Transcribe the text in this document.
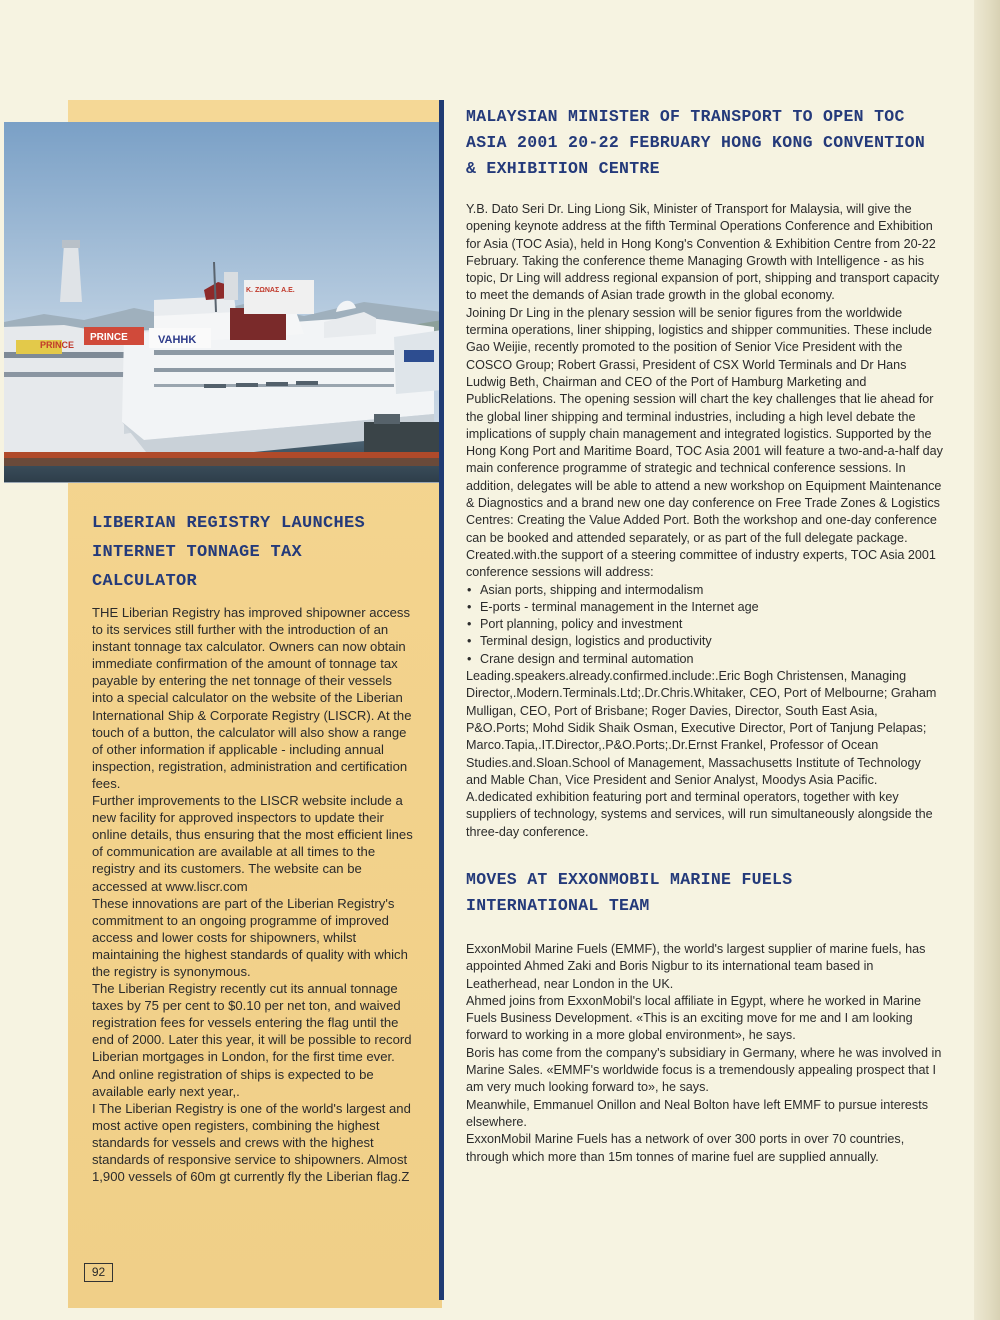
PRINCE
PRINCE	VAHHK
K. ZΩNAΣ A.E.
LIBERIAN REGISTRY LAUNCHES INTERNET TONNAGE TAX CALCULATOR

THE Liberian Registry has improved shipowner access to its services still further with the introduction of an instant tonnage tax calculator. Owners can now obtain immediate confirmation of the amount of tonnage tax payable by entering the net tonnage of their vessels into a special calculator on the website of the Liberian International Ship & Corporate Registry (LISCR). At the touch of a button, the calculator will also show a range of other information if applicable - including annual inspection, registration, administration and certification fees.

Further improvements to the LISCR website include a new facility for approved inspectors to update their online details, thus ensuring that the most efficient lines of communication are available at all times to the registry and its customers. The website can be accessed at www.liscr.com

These innovations are part of the Liberian Registry's commitment to an ongoing programme of improved access and lower costs for shipowners, whilst maintaining the highest standards of quality with which the registry is synonymous.

The Liberian Registry recently cut its annual tonnage taxes by 75 per cent to $0.10 per net ton, and waived registration fees for vessels entering the flag until the end of 2000. Later this year, it will be possible to record Liberian mortgages in London, for the first time ever. And online registration of ships is expected to be available early next year,.

I The Liberian Registry is one of the world's largest and most active open registers, combining the highest standards for vessels and crews with the highest standards of responsive service to shipowners. Almost 1,900 vessels of 60m gt currently fly the Liberian flag.Z

MALAYSIAN MINISTER OF TRANSPORT TO OPEN TOC ASIA 2001 20-22 FEBRUARY HONG KONG CONVENTION & EXHIBITION CENTRE

Y.B. Dato Seri Dr. Ling Liong Sik, Minister of Transport for Malaysia, will give the opening keynote address at the fifth Terminal Operations Conference and Exhibition for Asia (TOC Asia), held in Hong Kong's Convention & Exhibition Centre from 20-22 February. Taking the conference theme Managing Growth with Intelligence - as his topic, Dr Ling will address regional expansion of port, shipping and transport capacity to meet the demands of Asian trade growth in the global economy.

Joining Dr Ling in the plenary session will be senior figures from the worldwide termina operations, liner shipping, logistics and shipper communities. These include Gao Weijie, recently promoted to the position of Senior Vice President with the COSCO Group; Robert Grassi, President of CSX World Terminals and Dr Hans Ludwig Beth, Chairman and CEO of the Port of Hamburg Marketing and PublicRelations. The opening session will chart the key challenges that lie ahead for the global liner shipping and terminal industries, including a high level debate the implications of supply chain management and integrated logistics. Supported by the Hong Kong Port and Maritime Board, TOC Asia 2001 will feature a two-and-a-half day main conference programme of strategic and technical conference sessions. In addition, delegates will be able to attend a new workshop on Equipment Maintenance & Diagnostics and a brand new one day conference on Free Trade Zones & Logistics Centres: Creating the Value Added Port. Both the workshop and one-day conference can be booked and attended separately, or as part of the full delegate package.

Created.with.the support of a steering committee of industry experts, TOC Asia 2001 conference sessions will address:

• Asian ports, shipping and intermodalism
• E-ports - terminal management in the Internet age
• Port planning, policy and investment
• Terminal design, logistics and productivity
• Crane design and terminal automation

Leading.speakers.already.confirmed.include:.Eric Bogh Christensen, Managing Director,.Modern.Terminals.Ltd;.Dr.Chris.Whitaker, CEO, Port of Melbourne; Graham Mulligan, CEO, Port of Brisbane; Roger Davies, Director, South East Asia, P&O.Ports; Mohd Sidik Shaik Osman, Executive Director, Port of Tanjung Pelapas; Marco.Tapia,.IT.Director,.P&O.Ports;.Dr.Ernst Frankel, Professor of Ocean

Studies.and.Sloan.School of Management, Massachusetts Institute of Technology and Mable Chan, Vice President and Senior Analyst, Moodys Asia Pacific. A.dedicated exhibition featuring port and terminal operators, together with key suppliers of technology, systems and services, will run simultaneously alongside the three-day conference.

MOVES AT EXXONMOBIL MARINE FUELS INTERNATIONAL TEAM

ExxonMobil Marine Fuels (EMMF), the world's largest supplier of marine fuels, has appointed Ahmed Zaki and Boris Nigbur to its international team based in Leatherhead, near London in the UK.

Ahmed joins from ExxonMobil's local affiliate in Egypt, where he worked in Marine Fuels Business Development. «This is an exciting move for me and I am looking forward to working in a more global environment», he says.

Boris has come from the company's subsidiary in Germany, where he was involved in Marine Sales. «EMMF's worldwide focus is a tremendously appealing prospect that I am very much looking forward to», he says.

Meanwhile, Emmanuel Onillon and Neal Bolton have left EMMF to pursue interests elsewhere.

ExxonMobil Marine Fuels has a network of over 300 ports in over 70 countries, through which more than 15m tonnes of marine fuel are supplied annually.

92
